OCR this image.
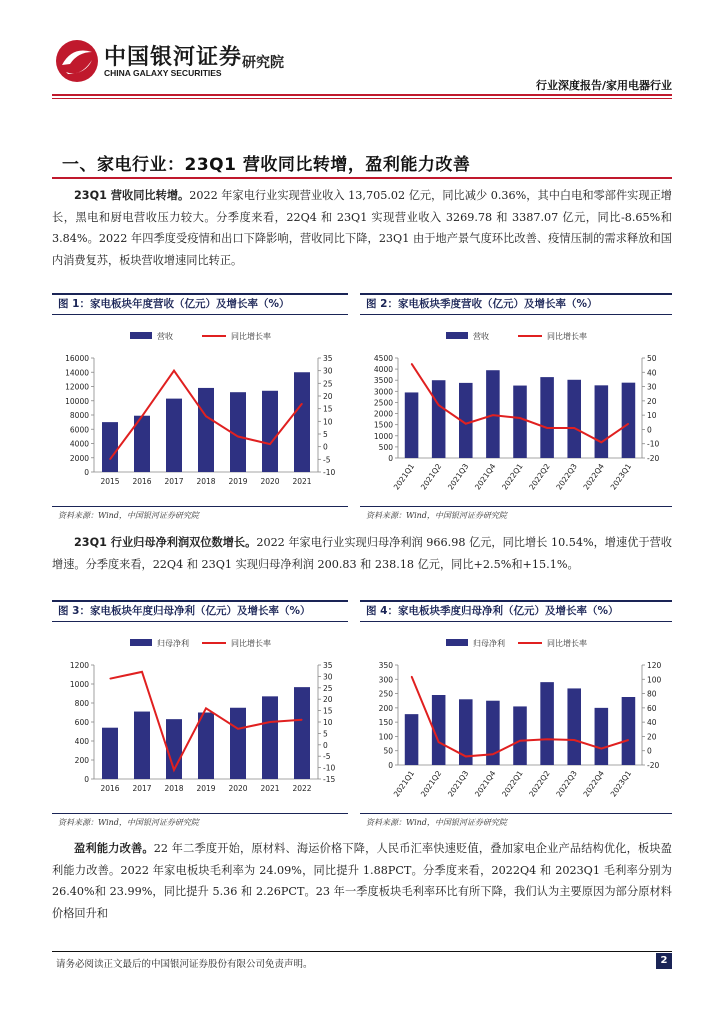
中国银河证券
CHINA GALAXY SECURITIES
研究院
行业深度报告/家用电器行业
一、家电行业：23Q1 营收同比转增，盈利能力改善
23Q1 营收同比转增。2022 年家电行业实现营业收入 13,705.02 亿元，同比减少 0.36%，其中白电和零部件实现正增长，黑电和厨电营收压力较大。分季度来看，22Q4 和 23Q1 实现营业收入 3269.78 和 3387.07 亿元，同比-8.65%和 3.84%。2022 年四季度受疫情和出口下降影响，营收同比下降，23Q1 由于地产景气度环比改善、疫情压制的需求释放和国内消费复苏，板块营收增速同比转正。
图 1：家电板块年度营收（亿元）及增长率（%）	图 2：家电板块季度营收（亿元）及增长率（%）
营收	同比增长率
0
2000
4000
6000
8000
10000
12000
14000
16000
-10
-5
0
5
10
15
20
25
30
35
2015 2016 2017 2018 2019 2020 2021
营收	同比增长率
0
500
1000
1500
2000
2500
3000
3500
4000
4500
-20
-10
0
10
20
30
40
50
2021Q1 2021Q2 2021Q3 2021Q4 2022Q1 2022Q2 2022Q3 2022Q4 2023Q1
资料来源：Wind，中国银河证券研究院	资料来源：Wind，中国银河证券研究院
23Q1 行业归母净利润双位数增长。2022 年家电行业实现归母净利润 966.98 亿元，同比增长 10.54%，增速优于营收增速。分季度来看，22Q4 和 23Q1 实现归母净利润 200.83 和 238.18 亿元，同比+2.5%和+15.1%。
图 3：家电板块年度归母净利（亿元）及增长率（%）	图 4：家电板块季度归母净利（亿元）及增长率（%）
归母净利	同比增长率
0
200
400
600
800
1000
1200
-15
-10
-5
0
5
10
15
20
25
30
35
2016 2017 2018 2019 2020 2021 2022
归母净利	同比增长率
0
50
100
150
200
250
300
350
-20
0
20
40
60
80
100
120
2021Q1 2021Q2 2021Q3 2021Q4 2022Q1 2022Q2 2022Q3 2022Q4 2023Q1
资料来源：Wind，中国银河证券研究院	资料来源：Wind，中国银河证券研究院
盈利能力改善。22 年二季度开始，原材料、海运价格下降，人民币汇率快速贬值，叠加家电企业产品结构优化，板块盈利能力改善。2022 年家电板块毛利率为 24.09%，同比提升 1.88PCT。分季度来看，2022Q4 和 2023Q1 毛利率分别为 26.40%和 23.99%，同比提升 5.36 和 2.26PCT。23 年一季度板块毛利率环比有所下降，我们认为主要原因为部分原材料价格回升和
请务必阅读正文最后的中国银河证券股份有限公司免责声明。	2
